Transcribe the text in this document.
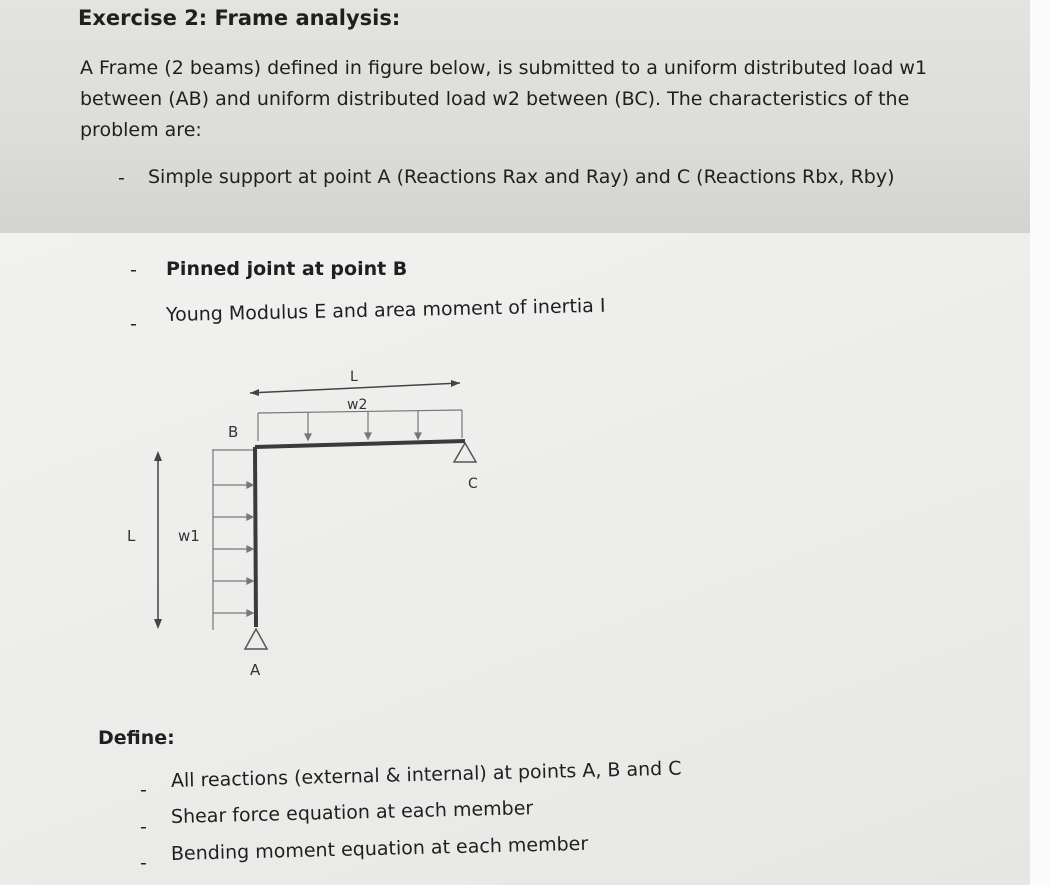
Exercise 2: Frame analysis:
A Frame (2 beams) defined in figure below, is submitted to a uniform distributed load w1
between (AB) and uniform distributed load w2 between (BC). The characteristics of the
problem are:
- Simple support at point A (Reactions Rax and Ray) and C (Reactions Rbx, Rby)
- Pinned joint at point B
- Young Modulus E and area moment of inertia I
L
w2
B
C
L	w1
A
Define:
- All reactions (external & internal) at points A, B and C
- Shear force equation at each member
- Bending moment equation at each member
